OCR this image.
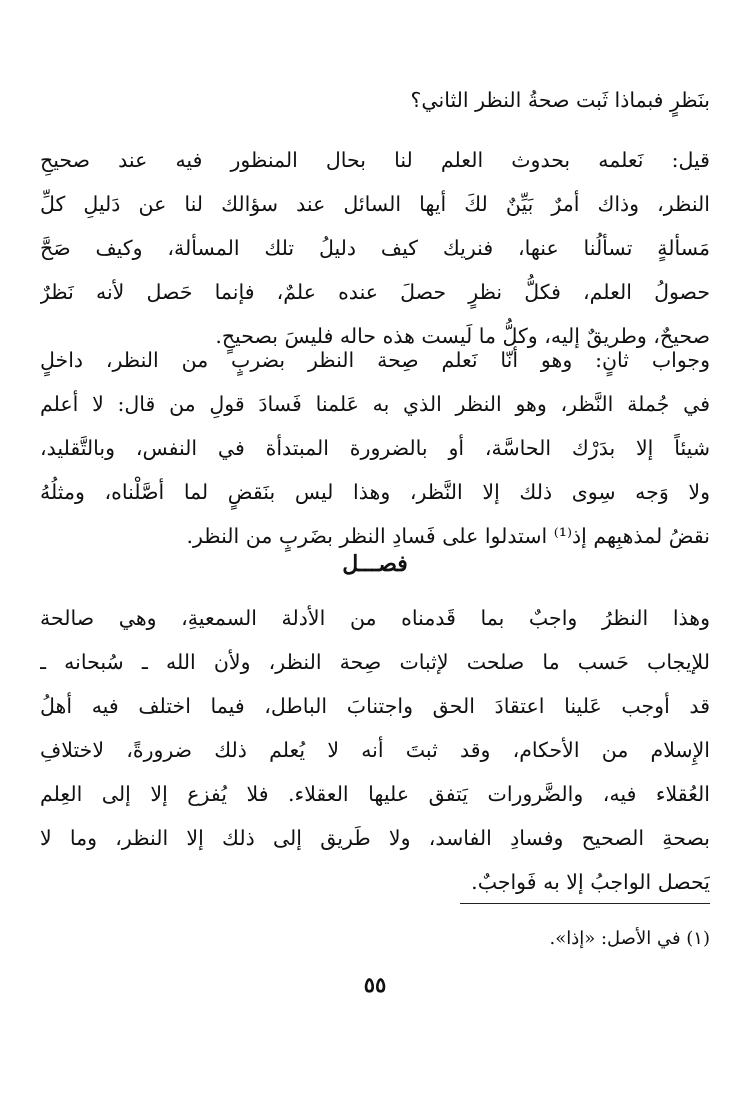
بنَظرٍ فبماذا ثَبت صحةُ النظر الثاني؟
قيل: نَعلمه بحدوث العلم لنا بحال المنظور فيه عند صحيحِ
النظر، وذاك أمرٌ بَيِّنٌ لكَ أيها السائل عند سؤالك لنا عن دَليلِ كلِّ
مَسألةٍ تسألُنا عنها، فنريك كيف دليلُ تلك المسألة، وكيف صَحَّ
حصولُ العلم، فكلُّ نظرٍ حصلَ عنده علمٌ، فإنما حَصل لأنه نَظرٌ
صحيحٌ، وطريقٌ إليه، وكلُّ ما لَيست هذه حاله فليسَ بصحيحٍ.
وجواب ثانٍ: وهو أنّا نَعلم صِحة النظر بضربٍ من النظر، داخلٍ
في جُملة النَّظر، وهو النظر الذي به عَلمنا فَسادَ قولِ من قال: لا أعلم
شيئاً إلا بدَرْك الحاسَّة، أو بالضرورة المبتدأة في النفس، وبالتَّقليد،
ولا وَجه سِوى ذلك إلا النَّظر، وهذا ليس بنَقضٍ لما أصَّلْناه، ومثلُهُ
نقضُ لمذهبِهم إذ⁽¹⁾ استدلوا على فَسادِ النظر بضَربٍ من النظر.
فصـــل
وهذا النظرُ واجبٌ بما قَدمناه من الأدلة السمعيةِ، وهي صالحة
للإيجاب حَسب ما صلحت لإثبات صِحة النظر، ولأن الله ـ سُبحانه ـ
قد أوجب عَلينا اعتقادَ الحق واجتنابَ الباطل، فيما اختلف فيه أهلُ
الإِسلام من الأحكام، وقد ثبتَ أنه لا يُعلم ذلك ضرورةً، لاختلافِ
العُقلاء فيه، والضَّرورات يَتفق عليها العقلاء. فلا يُفزع إلا إلى العِلم
بصحةِ الصحيح وفسادِ الفاسد، ولا طَريق إلى ذلك إلا النظر، وما لا
يَحصل الواجبُ إلا به فَواجبٌ.
(١) في الأصل: «إذا».
٥٥
